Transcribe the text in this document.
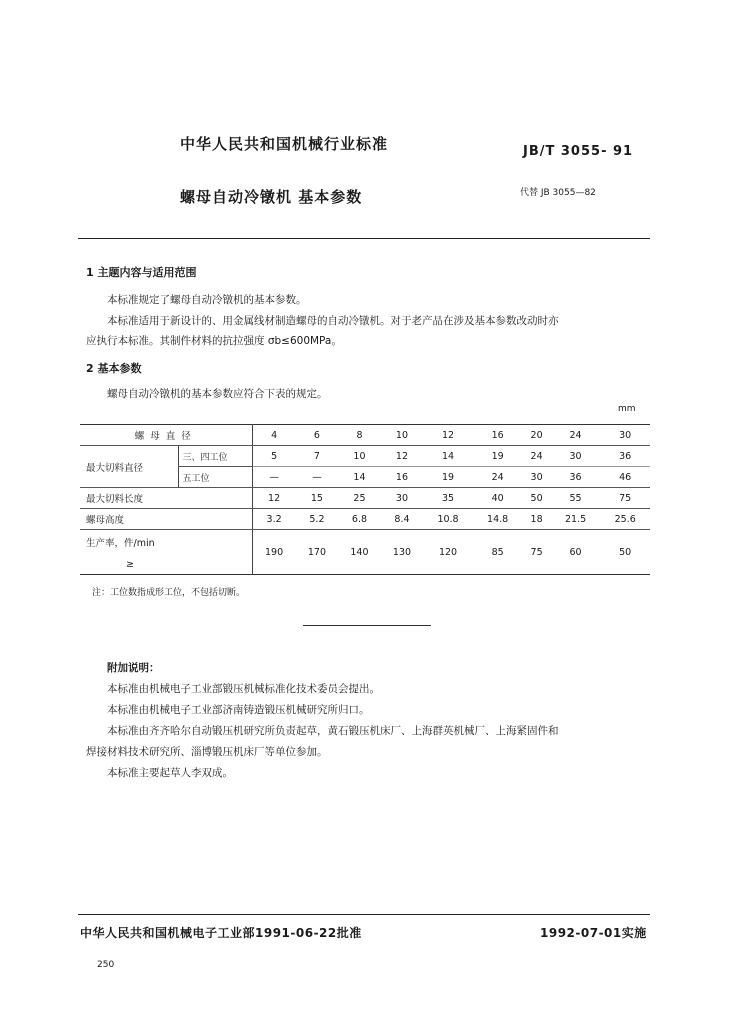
中华人民共和国机械行业标准	JB/T 3055- 91
螺母自动冷镦机 基本参数	代替 JB 3055—82
1 主题内容与适用范围
本标准规定了螺母自动冷镦机的基本参数。
本标准适用于新设计的、用金属线材制造螺母的自动冷镦机。对于老产品在涉及基本参数改动时亦
应执行本标准。其制件材料的抗拉强度 σb≤600MPa。
2 基本参数
螺母自动冷镦机的基本参数应符合下表的规定。
mm
螺母直径		4	6	8	10	12	16	20	24	30
最大切料直径	三、四工位	5	7	10	12	14	19	24	30	36
	五工位	—	—	14	16	19	24	30	36	46
最大切料长度		12	15	25	30	35	40	50	55	75
螺母高度		3.2	5.2	6.8	8.4	10.8	14.8	18	21.5	25.6

生产率，件/min
≥		190	170	140	130	120	85	75	60	50
注：工位数指成形工位，不包括切断。
附加说明：
本标准由机械电子工业部锻压机械标准化技术委员会提出。
本标准由机械电子工业部济南铸造锻压机械研究所归口。
本标准由齐齐哈尔自动锻压机研究所负责起草，黄石锻压机床厂、上海群英机械厂、上海紧固件和
焊接材料技术研究所、淄博锻压机床厂等单位参加。
本标准主要起草人李双成。
中华人民共和国机械电子工业部1991-06-22批准	1992-07-01实施
250
